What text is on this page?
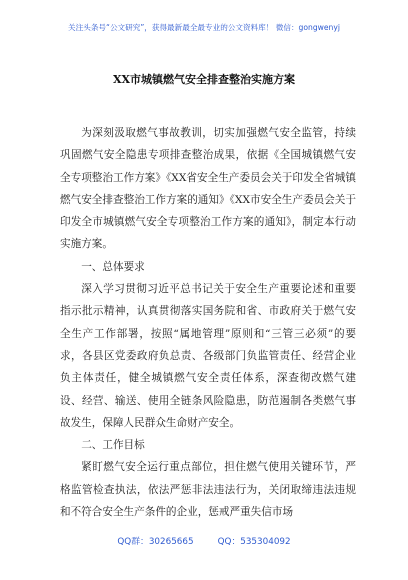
关注头条号“公文研究”，获得最新最全最专业的公文资料库！ 微信：gongwenyj
XX市城镇燃气安全排查整治实施方案

为深刻汲取燃气事故教训，切实加强燃气安全监管，持续巩固燃气安全隐患专项排查整治成果，依据《全国城镇燃气安全专项整治工作方案》《XX省安全生产委员会关于印发全省城镇燃气安全排查整治工作方案的通知》《XX市安全生产委员会关于印发全市城镇燃气安全专项整治工作方案的通知》，制定本行动实施方案。

一、总体要求

深入学习贯彻习近平总书记关于安全生产重要论述和重要指示批示精神，认真贯彻落实国务院和省、市政府关于燃气安全生产工作部署，按照“属地管理”原则和“三管三必须”的要求，各县区党委政府负总责、各级部门负监管责任、经营企业负主体责任，健全城镇燃气安全责任体系，深查彻改燃气建设、经营、输送、使用全链条风险隐患，防范遏制各类燃气事故发生，保障人民群众生命财产安全。

二、工作目标

紧盯燃气安全运行重点部位，担住燃气使用关键环节，严格监管检查执法，依法严惩非法违法行为，关闭取缔违法违规和不符合安全生产条件的企业，惩戒严重失信市场

QQ群：30265665	QQ：535304092
